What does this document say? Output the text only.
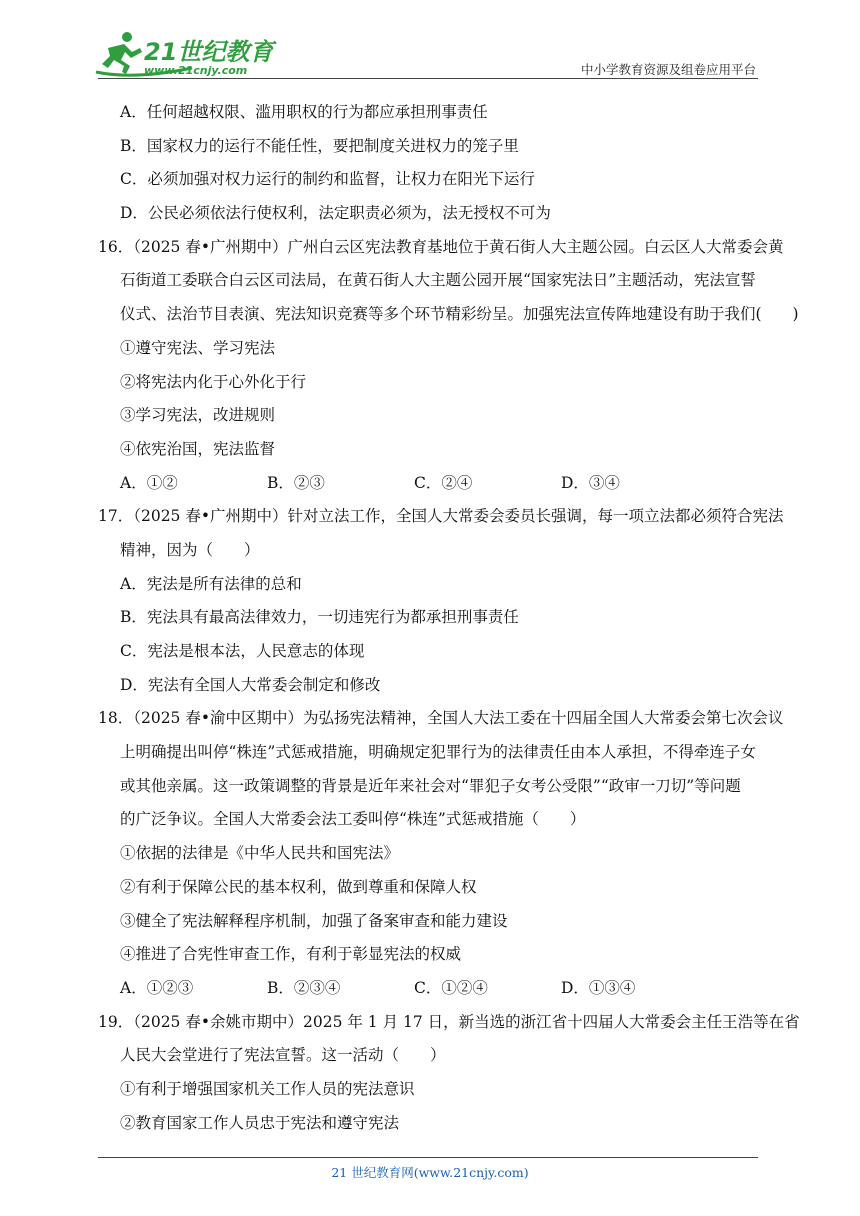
21世纪教育
www.21cnjy.com	中小学教育资源及组卷应用平台
A．任何超越权限、滥用职权的行为都应承担刑事责任
B．国家权力的运行不能任性，要把制度关进权力的笼子里
C．必须加强对权力运行的制约和监督，让权力在阳光下运行
D．公民必须依法行使权利，法定职责必须为，法无授权不可为
16．（2025 春•广州期中）广州白云区宪法教育基地位于黄石街人大主题公园。白云区人大常委会黄
石街道工委联合白云区司法局，在黄石街人大主题公园开展“国家宪法日”主题活动，宪法宣誓
仪式、法治节目表演、宪法知识竞赛等多个环节精彩纷呈。加强宪法宣传阵地建设有助于我们(　　)
①遵守宪法、学习宪法
②将宪法内化于心外化于行
③学习宪法，改进规则
④依宪治国，宪法监督
A．①②	B．②③	C．②④	D．③④
17．（2025 春•广州期中）针对立法工作，全国人大常委会委员长强调，每一项立法都必须符合宪法
精神，因为（　　）
A．宪法是所有法律的总和
B．宪法具有最高法律效力，一切违宪行为都承担刑事责任
C．宪法是根本法，人民意志的体现
D．宪法有全国人大常委会制定和修改
18．（2025 春•渝中区期中）为弘扬宪法精神，全国人大法工委在十四届全国人大常委会第七次会议
上明确提出叫停“株连”式惩戒措施，明确规定犯罪行为的法律责任由本人承担，不得牵连子女
或其他亲属。这一政策调整的背景是近年来社会对“罪犯子女考公受限”“政审一刀切”等问题
的广泛争议。全国人大常委会法工委叫停“株连”式惩戒措施（　　）
①依据的法律是《中华人民共和国宪法》
②有利于保障公民的基本权利，做到尊重和保障人权
③健全了宪法解释程序机制，加强了备案审查和能力建设
④推进了合宪性审查工作，有利于彰显宪法的权威
A．①②③	B．②③④	C．①②④	D．①③④
19．（2025 春•余姚市期中）2025 年 1 月 17 日，新当选的浙江省十四届人大常委会主任王浩等在省
人民大会堂进行了宪法宣誓。这一活动（　　）
①有利于增强国家机关工作人员的宪法意识
②教育国家工作人员忠于宪法和遵守宪法
21 世纪教育网(www.21cnjy.com)
